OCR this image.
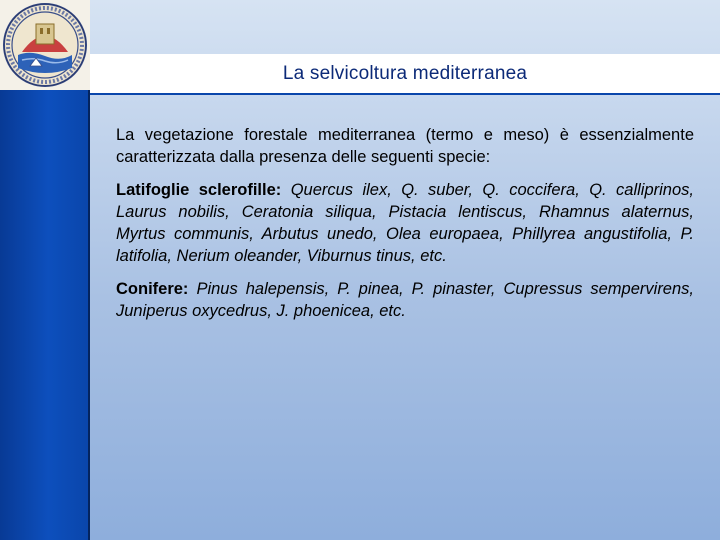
La selvicoltura mediterranea

La vegetazione forestale mediterranea (termo e meso) è essenzialmente caratterizzata dalla presenza delle seguenti specie:

Latifoglie sclerofille: Quercus ilex, Q. suber, Q. coccifera, Q. calliprinos, Laurus nobilis, Ceratonia siliqua, Pistacia lentiscus, Rhamnus alaternus, Myrtus communis, Arbutus unedo, Olea europaea, Phillyrea angustifolia, P. latifolia, Nerium oleander, Viburnus tinus, etc.

Conifere: Pinus halepensis, P. pinea, P. pinaster, Cupressus sempervirens, Juniperus oxycedrus, J. phoenicea, etc.
